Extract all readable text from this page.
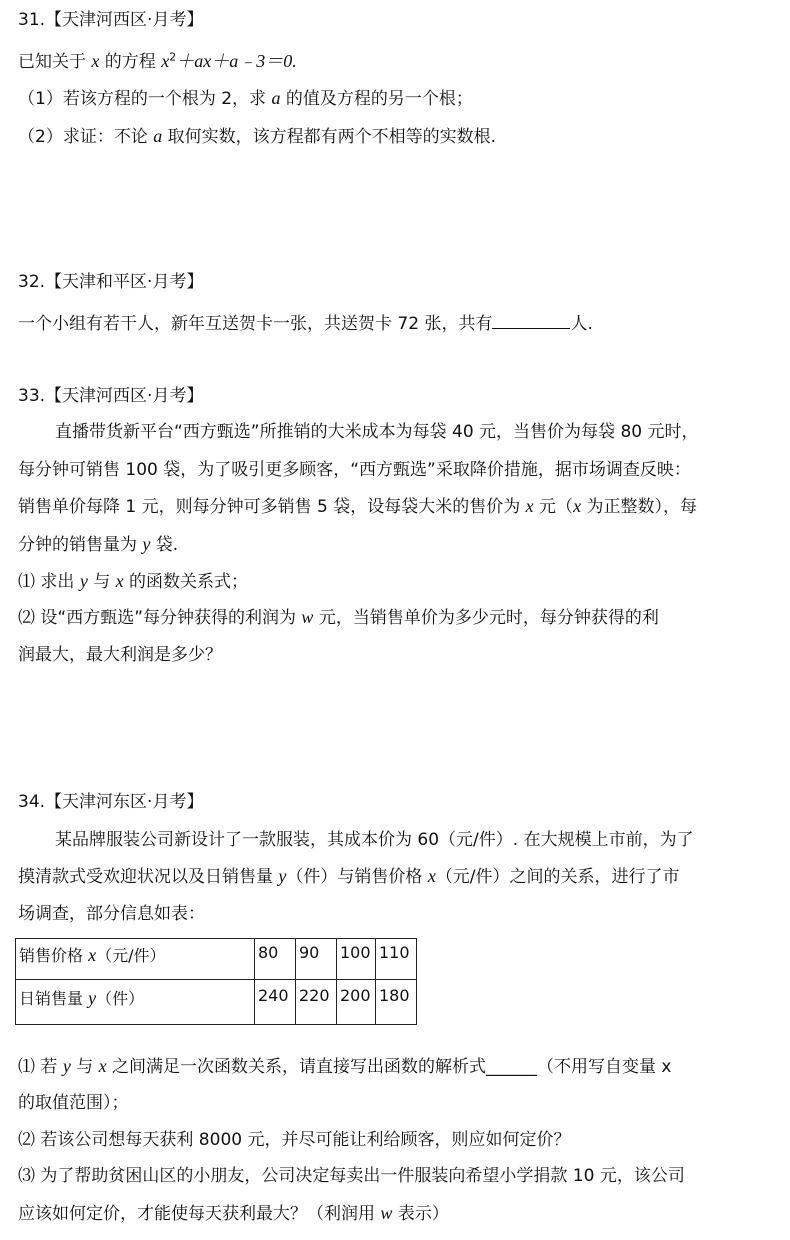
31.【天津河西区·月考】
已知关于 x 的方程 $x^2+ax+a﹣3=0$.
（1）若该方程的一个根为 2，求 a 的值及方程的另一个根；
（2）求证：不论 a 取何实数，该方程都有两个不相等的实数根.
32.【天津和平区·月考】
一个小组有若干人，新年互送贺卡一张，共送贺卡 72 张，共有	人.
33.【天津河西区·月考】
直播带货新平台“西方甄选”所推销的大米成本为每袋 40 元，当售价为每袋 80 元时，
每分钟可销售 100 袋，为了吸引更多顾客，“西方甄选”采取降价措施，据市场调查反映：
销售单价每降 1 元，则每分钟可多销售 5 袋，设每袋大米的售价为 x 元（x 为正整数），每
分钟的销售量为 y 袋.
⑴ 求出 y 与 x 的函数关系式；
⑵ 设“西方甄选”每分钟获得的利润为 w 元，当销售单价为多少元时，每分钟获得的利
润最大，最大利润是多少？
34.【天津河东区·月考】
某品牌服装公司新设计了一款服装，其成本价为 60（元/件）. 在大规模上市前，为了
摸清款式受欢迎状况以及日销售量 y（件）与销售价格 x（元/件）之间的关系，进行了市
场调查，部分信息如表：
销售价格 x（元/件）	80	90	100	110
日销售量 y（件）	240	220	200	180
⑴ 若 y 与 x 之间满足一次函数关系，请直接写出函数的解析式______（不用写自变量 x
的取值范围）；
⑵ 若该公司想每天获利 8000 元，并尽可能让利给顾客，则应如何定价？
⑶ 为了帮助贫困山区的小朋友，公司决定每卖出一件服装向希望小学捐款 10 元，该公司
应该如何定价，才能使每天获利最大？（利润用 w 表示）
